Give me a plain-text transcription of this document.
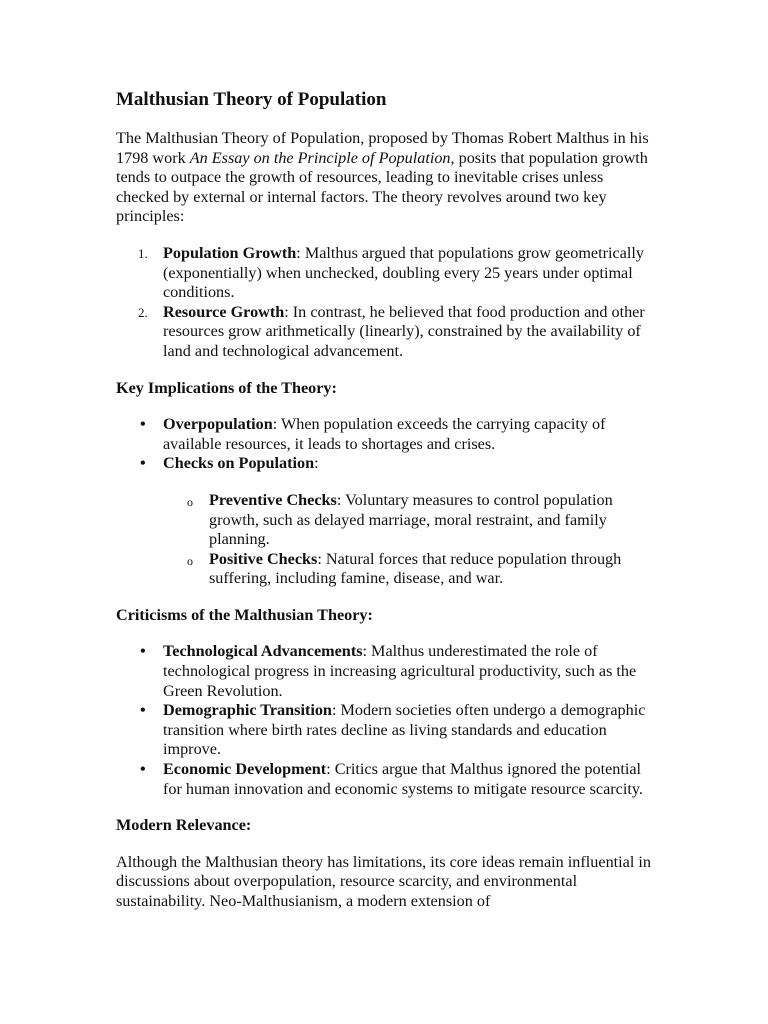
Malthusian Theory of Population

The Malthusian Theory of Population, proposed by Thomas Robert Malthus in his 1798 work An Essay on the Principle of Population, posits that population growth tends to outpace the growth of resources, leading to inevitable crises unless checked by external or internal factors. The theory revolves around two key principles:

1. Population Growth: Malthus argued that populations grow geometrically (exponentially) when unchecked, doubling every 25 years under optimal conditions.
2. Resource Growth: In contrast, he believed that food production and other resources grow arithmetically (linearly), constrained by the availability of land and technological advancement.
Key Implications of the Theory:
• Overpopulation: When population exceeds the carrying capacity of available resources, it leads to shortages and crises.
• Checks on Population:
o Preventive Checks: Voluntary measures to control population growth, such as delayed marriage, moral restraint, and family planning.
o Positive Checks: Natural forces that reduce population through suffering, including famine, disease, and war.
Criticisms of the Malthusian Theory:
• Technological Advancements: Malthus underestimated the role of technological progress in increasing agricultural productivity, such as the Green Revolution.
• Demographic Transition: Modern societies often undergo a demographic transition where birth rates decline as living standards and education improve.
• Economic Development: Critics argue that Malthus ignored the potential for human innovation and economic systems to mitigate resource scarcity.
Modern Relevance:

Although the Malthusian theory has limitations, its core ideas remain influential in discussions about overpopulation, resource scarcity, and environmental sustainability. Neo-Malthusianism, a modern extension of
